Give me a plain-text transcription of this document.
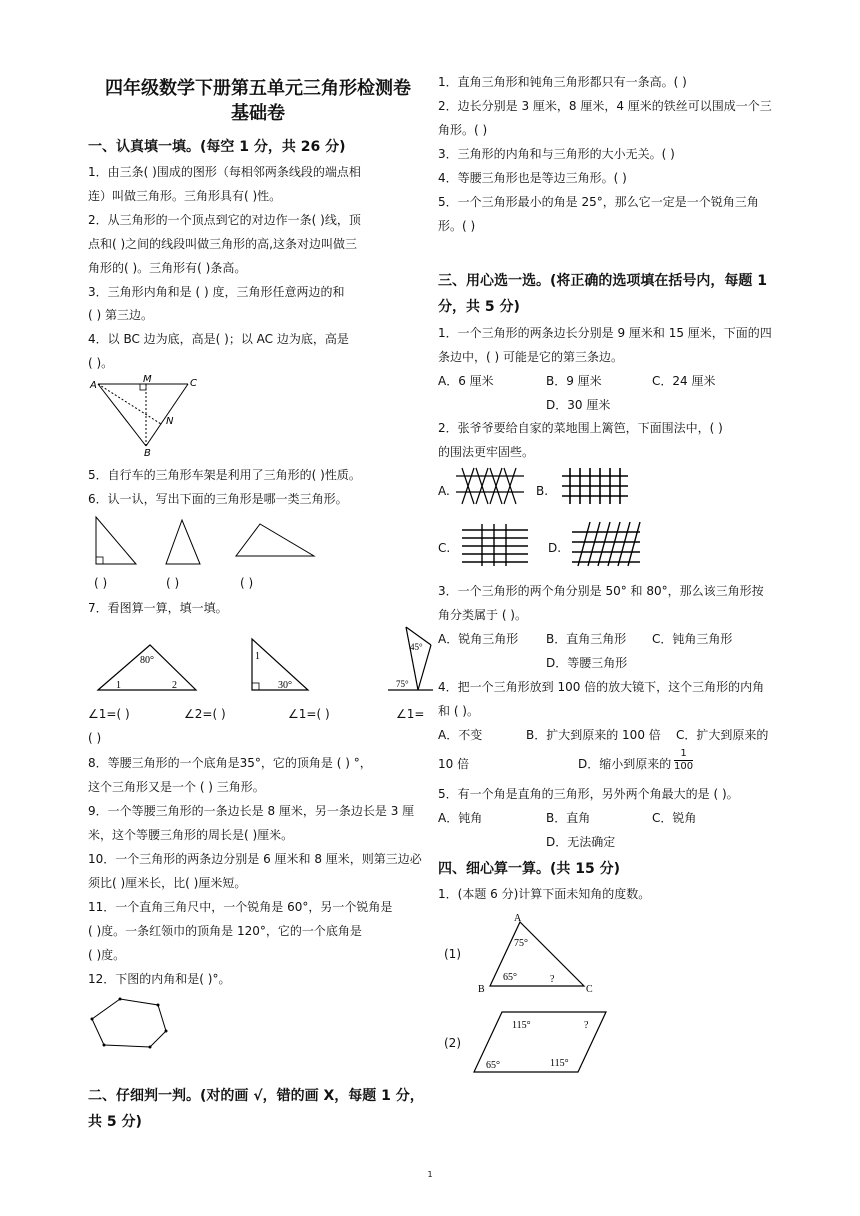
四年级数学下册第五单元三角形检测卷
基础卷
一、认真填一填。(每空 1 分，共 26 分)
1．由三条( )围成的图形（每相邻两条线段的端点相
连）叫做三角形。三角形具有( )性。
2．从三角形的一个顶点到它的对边作一条( )线，顶
点和( )之间的线段叫做三角形的高,这条对边叫做三
角形的( )。三角形有( )条高。
3．三角形内角和是 ( ) 度，三角形任意两边的和
( ) 第三边。
4．以 BC 边为底，高是( )；以 AC 边为底，高是
( )。
A
M	C
N
B
5．自行车的三角形车架是利用了三角形的( )性质。
6．认一认，写出下面的三角形是哪一类三角形。
( )	( )	( )
7．看图算一算，填一填。
80°
1	2
1
30°
45°
75°
∠1=( )	∠2=( )	∠1=( )	∠1=
( )
8．等腰三角形的一个底角是35°，它的顶角是 ( ) °，
这个三角形又是一个 ( ) 三角形。
9．一个等腰三角形的一条边长是 8 厘米，另一条边长是 3 厘
米，这个等腰三角形的周长是( )厘米。
10．一个三角形的两条边分别是 6 厘米和 8 厘米，则第三边必
须比( )厘米长，比( )厘米短。
11．一个直角三角尺中，一个锐角是 60°，另一个锐角是
( )度。一条红领巾的顶角是 120°，它的一个底角是
( )度。
12．下图的内角和是( )°。
二、仔细判一判。(对的画 √，错的画 X，每题 1 分，
共 5 分)
1．直角三角形和钝角三角形都只有一条高。( )
2．边长分别是 3 厘米，8 厘米，4 厘米的铁丝可以围成一个三
角形。( )
3．三角形的内角和与三角形的大小无关。( )
4．等腰三角形也是等边三角形。( )
5．一个三角形最小的角是 25°，那么它一定是一个锐角三角
形。( )
三、用心选一选。(将正确的选项填在括号内，每题 1
分，共 5 分)
1．一个三角形的两条边长分别是 9 厘米和 15 厘米，下面的四
条边中，( ) 可能是它的第三条边。
A．6 厘米	B．9 厘米	C．24 厘米
D．30 厘米
2．张爷爷要给自家的菜地围上篱笆，下面围法中，( )
的围法更牢固些。
A.	B.
C.	D.
3．一个三角形的两个角分别是 50° 和 80°，那么该三角形按
角分类属于 ( )。
A．锐角三角形 B．直角三角形 C．钝角三角形
D．等腰三角形
4．把一个三角形放到 100 倍的放大镜下，这个三角形的内角
和 ( )。
A．不变	B．扩大到原来的 100 倍 C．扩大到原来的
10 倍	D．缩小到原来的 $\frac{1}{100}$
5．有一个角是直角的三角形，另外两个角最大的是 ( )。
A．钝角	B．直角	C．锐角
D．无法确定
四、细心算一算。(共 15 分)
1．(本题 6 分)计算下面未知角的度数。
(1)
A
75°
65°	?
B	C
(2)
115°	?
65°	115°
1
